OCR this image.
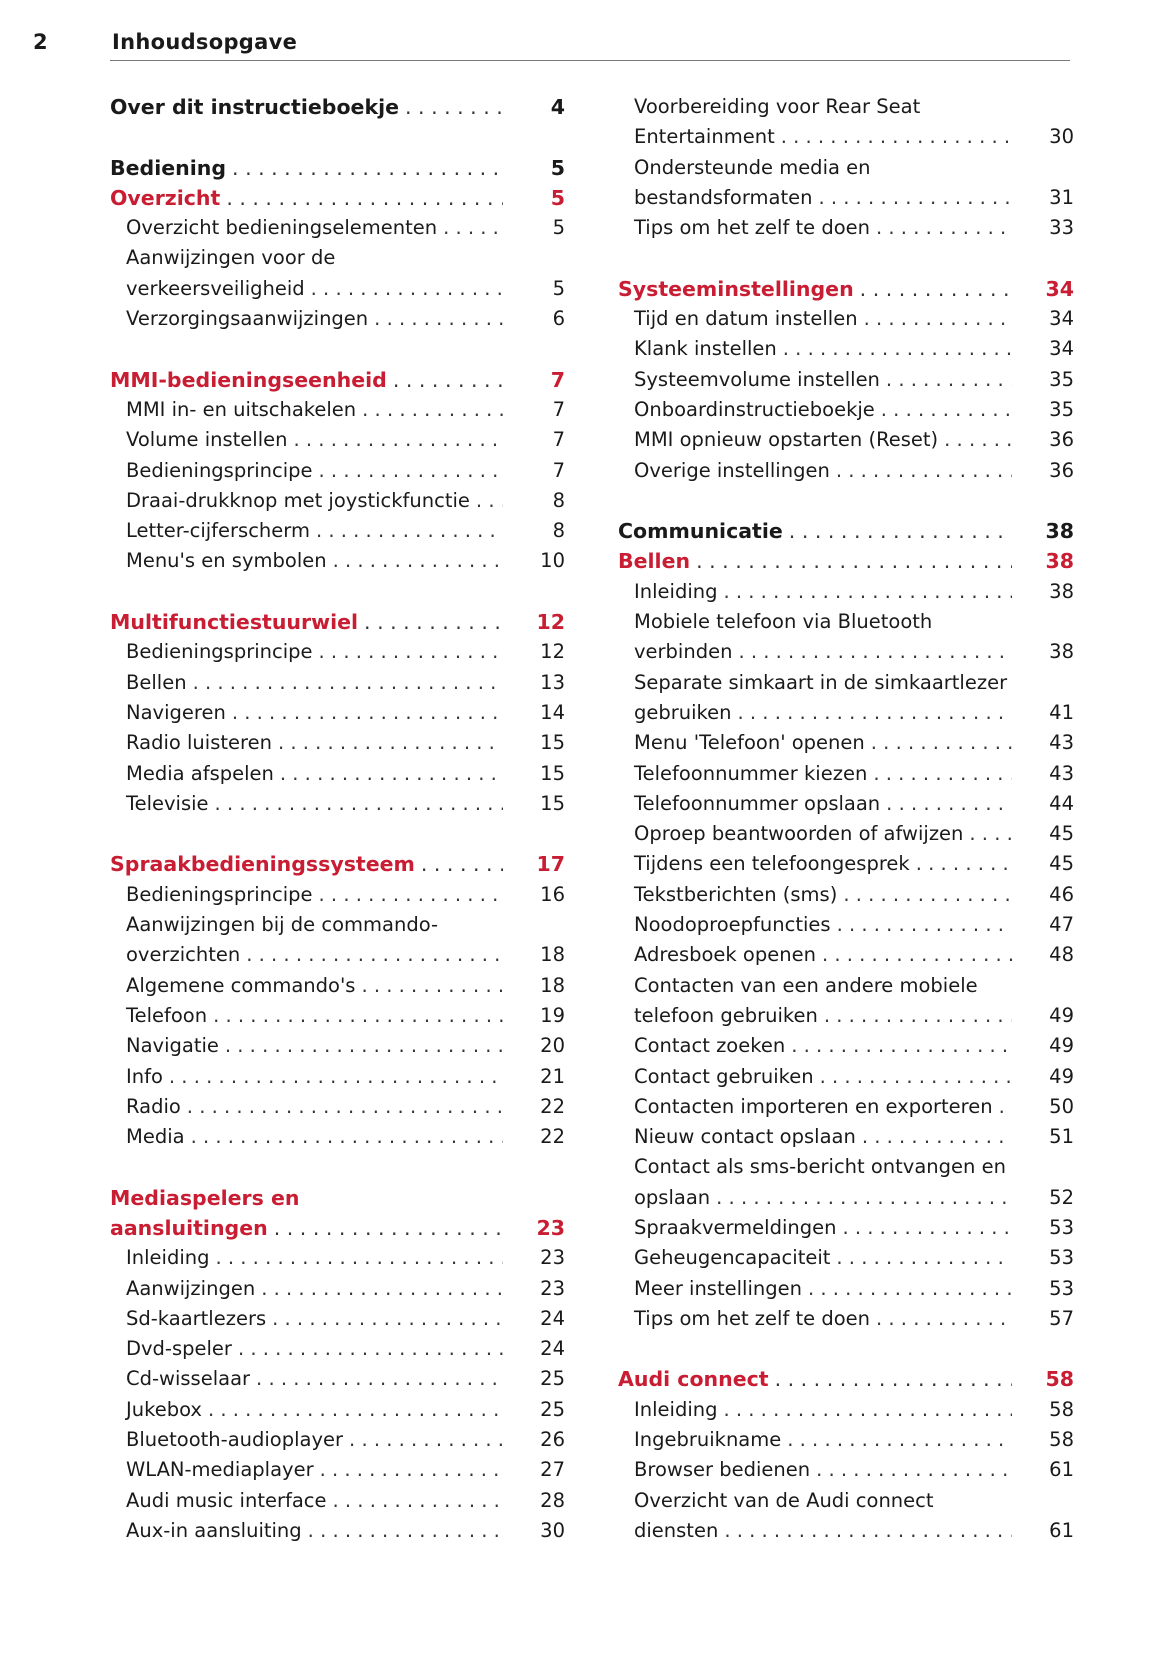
2	Inhoudsopgave
Over dit instructieboekje . . .	4
Bediening . . .	5
Overzicht . . .	5
Overzicht bedieningselementen . . .	5
Aanwijzingen voor de
verkeersveiligheid . . .	5
Verzorgingsaanwijzingen . . .	6
MMI-bedieningseenheid . . .	7
MMI in- en uitschakelen . . .	7
Volume instellen . . .	7
Bedieningsprincipe . . .	7
Draai-drukknop met joystickfunctie . . .	8
Letter-cijferscherm . . .	8
Menu's en symbolen . . .	10
Multifunctiestuurwiel . . .	12
Bedieningsprincipe . . .	12
Bellen . . .	13
Navigeren . . .	14
Radio luisteren . . .	15
Media afspelen . . .	15
Televisie . . .	15
Spraakbedieningssysteem . . .	17
Bedieningsprincipe . . .	16
Aanwijzingen bij de commando-
overzichten . . .	18
Algemene commando's . . .	18
Telefoon . . .	19
Navigatie . . .	20
Info . . .	21
Radio . . .	22
Media . . .	22
Mediaspelers en
aansluitingen . . .	23
Inleiding . . .	23
Aanwijzingen . . .	23
Sd-kaartlezers . . .	24
Dvd-speler . . .	24
Cd-wisselaar . . .	25
Jukebox . . .	25
Bluetooth-audioplayer . . .	26
WLAN-mediaplayer . . .	27
Audi music interface . . .	28
Aux-in aansluiting . . .	30
Voorbereiding voor Rear Seat
Entertainment . . .	30
Ondersteunde media en
bestandsformaten . . .	31
Tips om het zelf te doen . . .	33
Systeeminstellingen . . .	34
Tijd en datum instellen . . .	34
Klank instellen . . .	34
Systeemvolume instellen . . .	35
Onboardinstructieboekje . . .	35
MMI opnieuw opstarten (Reset) . . .	36
Overige instellingen . . .	36
Communicatie . . .	38
Bellen . . .	38
Inleiding . . .	38
Mobiele telefoon via Bluetooth
verbinden . . .	38
Separate simkaart in de simkaartlezer
gebruiken . . .	41
Menu 'Telefoon' openen . . .	43
Telefoonnummer kiezen . . .	43
Telefoonnummer opslaan . . .	44
Oproep beantwoorden of afwijzen . . .	45
Tijdens een telefoongesprek . . .	45
Tekstberichten (sms) . . .	46
Noodoproepfuncties . . .	47
Adresboek openen . . .	48
Contacten van een andere mobiele
telefoon gebruiken . . .	49
Contact zoeken . . .	49
Contact gebruiken . . .	49
Contacten importeren en exporteren . . .	50
Nieuw contact opslaan . . .	51
Contact als sms-bericht ontvangen en
opslaan . . .	52
Spraakvermeldingen . . .	53
Geheugencapaciteit . . .	53
Meer instellingen . . .	53
Tips om het zelf te doen . . .	57
Audi connect . . .	58
Inleiding . . .	58
Ingebruikname . . .	58
Browser bedienen . . .	61
Overzicht van de Audi connect
diensten . . .	61
